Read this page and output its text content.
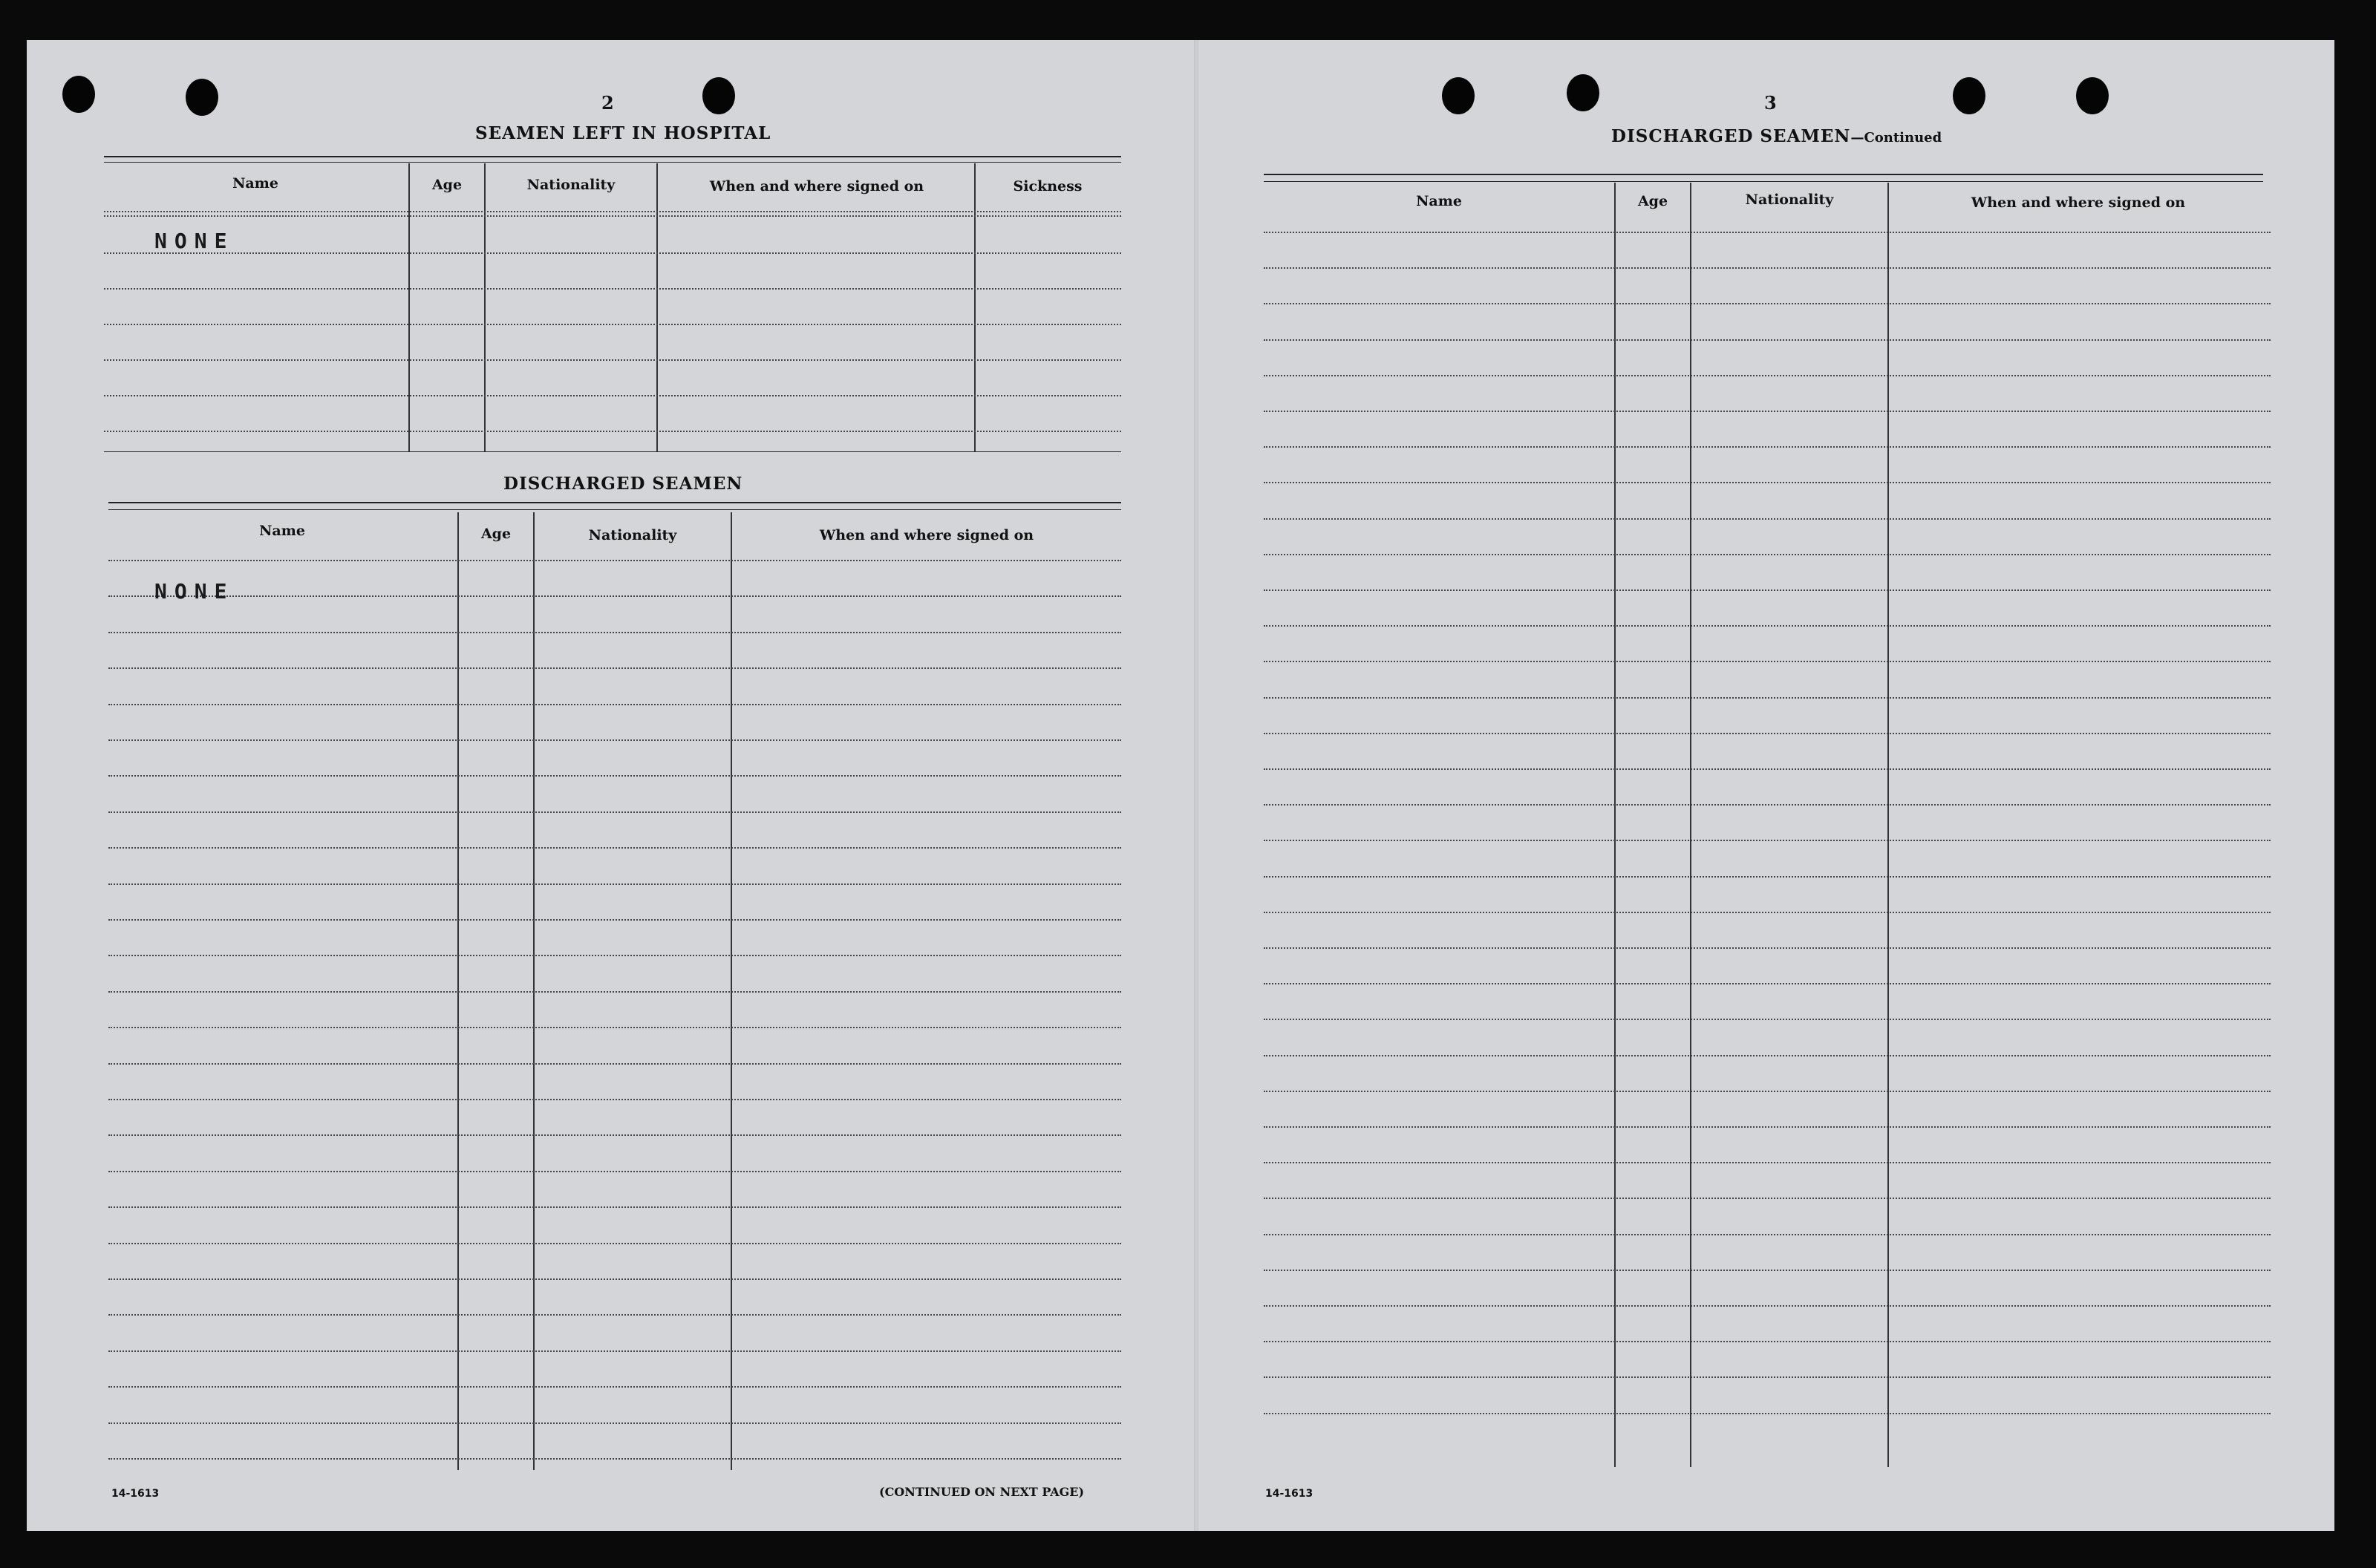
2
SEAMEN LEFT IN HOSPITAL
Name	Age	Nationality	When and where signed on	Sickness
NONE
DISCHARGED SEAMEN
Name	Age	Nationality	When and where signed on
NONE
14-1613	(CONTINUED ON NEXT PAGE)
3
DISCHARGED SEAMEN—Continued
Name	Age	Nationality	When and where signed on
14-1613
